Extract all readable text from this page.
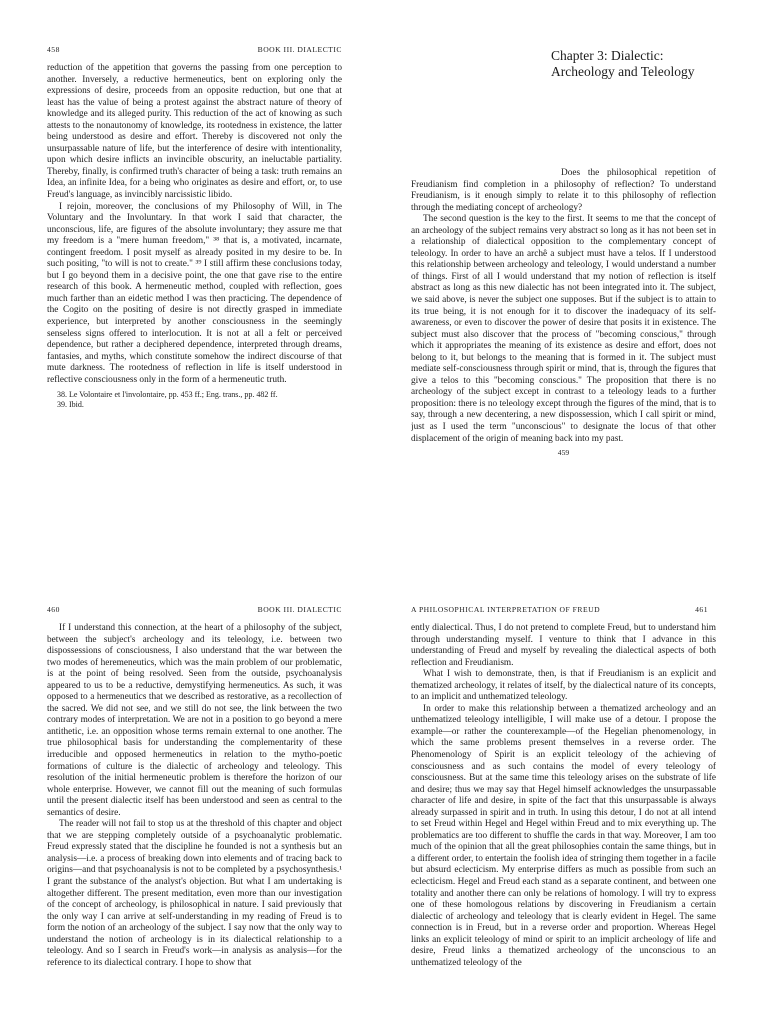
458	BOOK III. DIALECTIC

reduction of the appetition that governs the passing from one perception to another. Inversely, a reductive hermeneutics, bent on exploring only the expressions of desire, proceeds from an opposite reduction, but one that at least has the value of being a protest against the abstract nature of theory of knowledge and its alleged purity. This reduction of the act of knowing as such attests to the nonautonomy of knowledge, its rootedness in existence, the latter being understood as desire and effort. Thereby is discovered not only the unsurpassable nature of life, but the interference of desire with intentionality, upon which desire inflicts an invincible obscurity, an ineluctable partiality. Thereby, finally, is confirmed truth's character of being a task: truth remains an Idea, an infinite Idea, for a being who originates as desire and effort, or, to use Freud's language, as invincibly narcissistic libido.

I rejoin, moreover, the conclusions of my Philosophy of Will, in The Voluntary and the Involuntary. In that work I said that character, the unconscious, life, are figures of the absolute involuntary; they assure me that my freedom is a "mere human freedom," ³⁸ that is, a motivated, incarnate, contingent freedom. I posit myself as already posited in my desire to be. In such positing, "to will is not to create." ³⁹ I still affirm these conclusions today, but I go beyond them in a decisive point, the one that gave rise to the entire research of this book. A hermeneutic method, coupled with reflection, goes much farther than an eidetic method I was then practicing. The dependence of the Cogito on the positing of desire is not directly grasped in immediate experience, but interpreted by another consciousness in the seemingly senseless signs offered to interlocution. It is not at all a felt or perceived dependence, but rather a deciphered dependence, interpreted through dreams, fantasies, and myths, which constitute somehow the indirect discourse of that mute darkness. The rootedness of reflection in life is itself understood in reflective consciousness only in the form of a hermeneutic truth.

38. Le Volontaire et l'involontaire, pp. 453 ff.; Eng. trans., pp. 482 ff.
39. Ibid.
Chapter 3: Dialectic:
Archeology and Teleology

Does the philosophical repetition of Freudianism find completion in a philosophy of reflection? To understand Freudianism, is it enough simply to relate it to this philosophy of reflection through the mediating concept of archeology?

The second question is the key to the first. It seems to me that the concept of an archeology of the subject remains very abstract so long as it has not been set in a relationship of dialectical opposition to the complementary concept of teleology. In order to have an archê a subject must have a telos. If I understood this relationship between archeology and teleology, I would understand a number of things. First of all I would understand that my notion of reflection is itself abstract as long as this new dialectic has not been integrated into it. The subject, we said above, is never the subject one supposes. But if the subject is to attain to its true being, it is not enough for it to discover the inadequacy of its self-awareness, or even to discover the power of desire that posits it in existence. The subject must also discover that the process of "becoming conscious," through which it appropriates the meaning of its existence as desire and effort, does not belong to it, but belongs to the meaning that is formed in it. The subject must mediate self-consciousness through spirit or mind, that is, through the figures that give a telos to this "becoming conscious." The proposition that there is no archeology of the subject except in contrast to a teleology leads to a further proposition: there is no teleology except through the figures of the mind, that is to say, through a new decentering, a new dispossession, which I call spirit or mind, just as I used the term "unconscious" to designate the locus of that other displacement of the origin of meaning back into my past.

459
460	BOOK III. DIALECTIC

If I understand this connection, at the heart of a philosophy of the subject, between the subject's archeology and its teleology, i.e. between two dispossessions of consciousness, I also understand that the war between the two modes of heremeneutics, which was the main problem of our problematic, is at the point of being resolved. Seen from the outside, psychoanalysis appeared to us to be a reductive, demystifying hermeneutics. As such, it was opposed to a hermeneutics that we described as restorative, as a recollection of the sacred. We did not see, and we still do not see, the link between the two contrary modes of interpretation. We are not in a position to go beyond a mere antithetic, i.e. an opposition whose terms remain external to one another. The true philosophical basis for understanding the complementarity of these irreducible and opposed hermeneutics in relation to the mytho-poetic formations of culture is the dialectic of archeology and teleology. This resolution of the initial hermeneutic problem is therefore the horizon of our whole enterprise. However, we cannot fill out the meaning of such formulas until the present dialectic itself has been understood and seen as central to the semantics of desire.

The reader will not fail to stop us at the threshold of this chapter and object that we are stepping completely outside of a psychoanalytic problematic. Freud expressly stated that the discipline he founded is not a synthesis but an analysis—i.e. a process of breaking down into elements and of tracing back to origins—and that psychoanalysis is not to be completed by a psychosynthesis.¹ I grant the substance of the analyst's objection. But what I am undertaking is altogether different. The present meditation, even more than our investigation of the concept of archeology, is philosophical in nature. I said previously that the only way I can arrive at self-understanding in my reading of Freud is to form the notion of an archeology of the subject. I say now that the only way to understand the notion of archeology is in its dialectical relationship to a teleology. And so I search in Freud's work—in analysis as analysis—for the reference to its dialectical contrary. I hope to show that

A PHILOSOPHICAL INTERPRETATION OF FREUD	461

ently dialectical. Thus, I do not pretend to complete Freud, but to understand him through understanding myself. I venture to think that I advance in this understanding of Freud and myself by revealing the dialectical aspects of both reflection and Freudianism.

What I wish to demonstrate, then, is that if Freudianism is an explicit and thematized archeology, it relates of itself, by the dialectical nature of its concepts, to an implicit and unthematized teleology.

In order to make this relationship between a thematized archeology and an unthematized teleology intelligible, I will make use of a detour. I propose the example—or rather the counterexample—of the Hegelian phenomenology, in which the same problems present themselves in a reverse order. The Phenomenology of Spirit is an explicit teleology of the achieving of consciousness and as such contains the model of every teleology of consciousness. But at the same time this teleology arises on the substrate of life and desire; thus we may say that Hegel himself acknowledges the unsurpassable character of life and desire, in spite of the fact that this unsurpassable is always already surpassed in spirit and in truth. In using this detour, I do not at all intend to set Freud within Hegel and Hegel within Freud and to mix everything up. The problematics are too different to shuffle the cards in that way. Moreover, I am too much of the opinion that all the great philosophies contain the same things, but in a different order, to entertain the foolish idea of stringing them together in a facile but absurd eclecticism. My enterprise differs as much as possible from such an eclecticism. Hegel and Freud each stand as a separate continent, and between one totality and another there can only be relations of homology. I will try to express one of these homologous relations by discovering in Freudianism a certain dialectic of archeology and teleology that is clearly evident in Hegel. The same connection is in Freud, but in a reverse order and proportion. Whereas Hegel links an explicit teleology of mind or spirit to an implicit archeology of life and desire, Freud links a thematized archeology of the unconscious to an unthematized teleology of the
